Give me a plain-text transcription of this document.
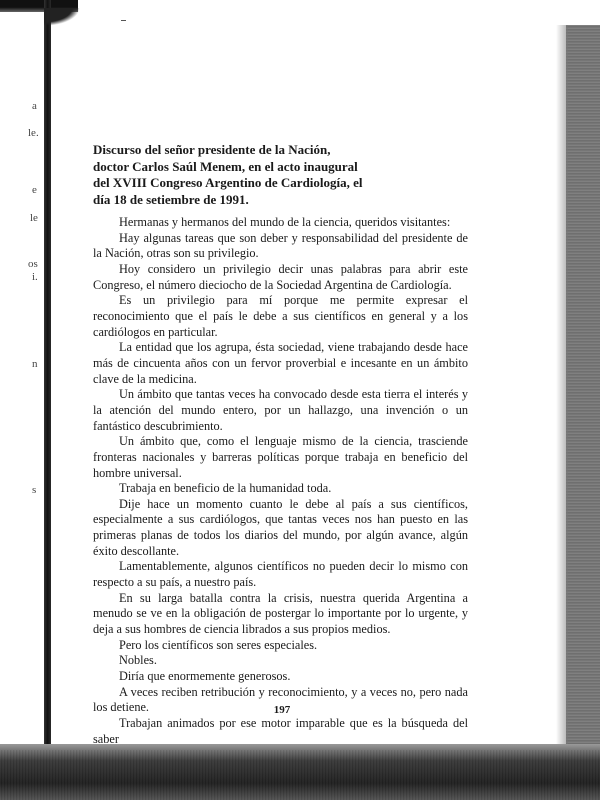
a
le.
e
le
os
i.
n
s
Discurso del señor presidente de la Nación,
doctor Carlos Saúl Menem, en el acto inaugural
del XVIII Congreso Argentino de Cardiología, el
día 18 de setiembre de 1991.

Hermanas y hermanos del mundo de la ciencia, queridos visitantes:

Hay algunas tareas que son deber y responsabilidad del presidente de la Nación, otras son su privilegio.

Hoy considero un privilegio decir unas palabras para abrir este Congreso, el número dieciocho de la Sociedad Argentina de Cardiología.

Es un privilegio para mí porque me permite expresar el reconocimiento que el país le debe a sus científicos en general y a los cardiólogos en particular.

La entidad que los agrupa, ésta sociedad, viene trabajando desde hace más de cincuenta años con un fervor proverbial e incesante en un ámbito clave de la medicina.

Un ámbito que tantas veces ha convocado desde esta tierra el interés y la atención del mundo entero, por un hallazgo, una invención o un fantástico descubrimiento.

Un ámbito que, como el lenguaje mismo de la ciencia, trasciende fronteras nacionales y barreras políticas porque trabaja en beneficio del hombre universal.

Trabaja en beneficio de la humanidad toda.

Dije hace un momento cuanto le debe al país a sus científicos, especialmente a sus cardiólogos, que tantas veces nos han puesto en las primeras planas de todos los diarios del mundo, por algún avance, algún éxito descollante.

Lamentablemente, algunos científicos no pueden decir lo mismo con respecto a su país, a nuestro país.

En su larga batalla contra la crisis, nuestra querida Argentina a menudo se ve en la obligación de postergar lo importante por lo urgente, y deja a sus hombres de ciencia librados a sus propios medios.

Pero los científicos son seres especiales.

Nobles.

Diría que enormemente generosos.

A veces reciben retribución y reconocimiento, y a veces no, pero nada los detiene.

Trabajan animados por ese motor imparable que es la búsqueda del saber

197
